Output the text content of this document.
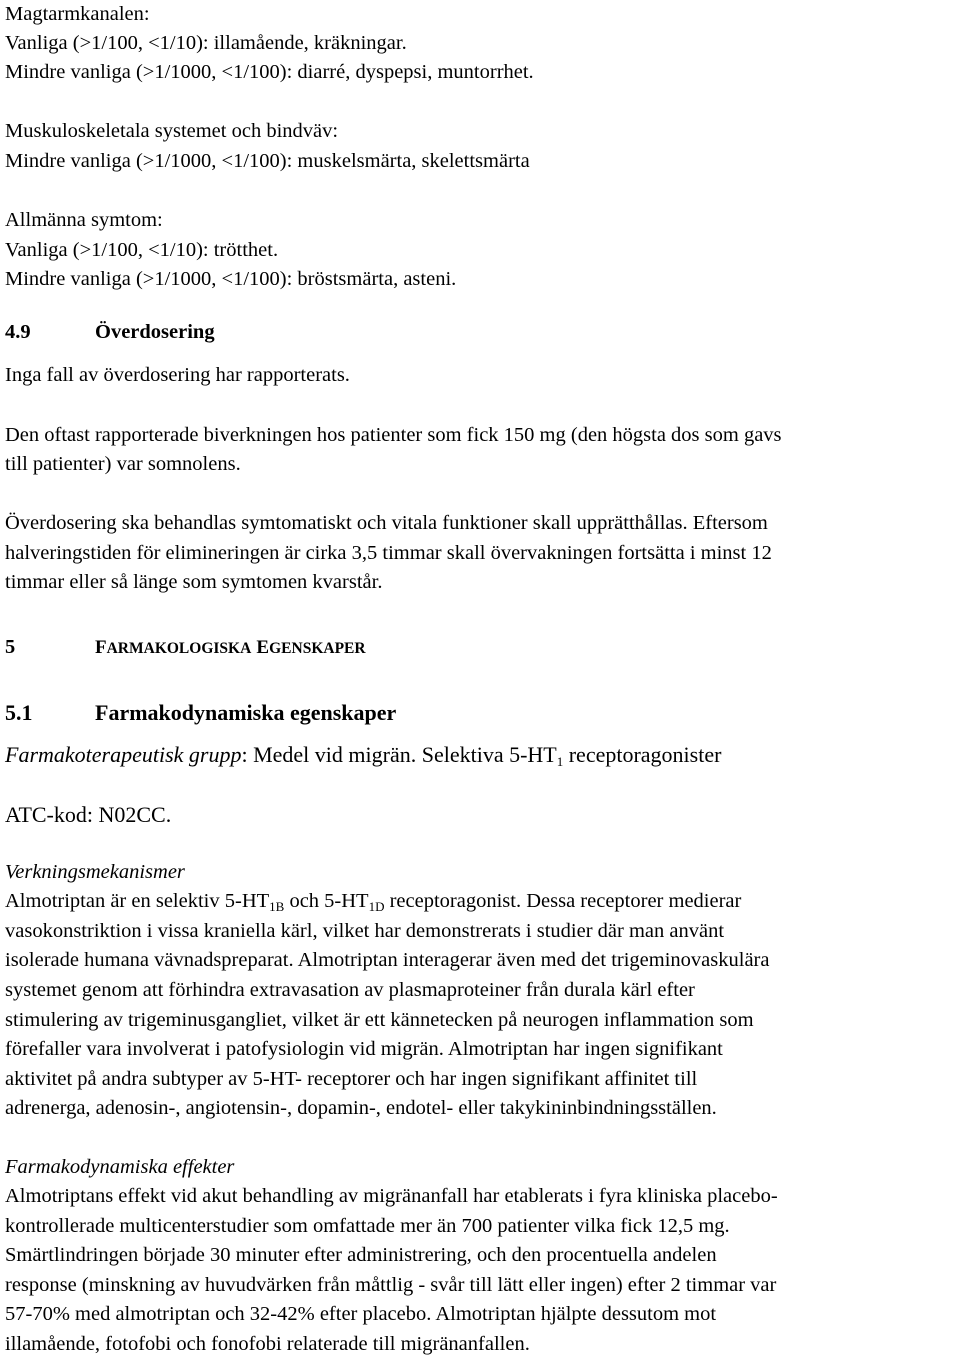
Magtarmkanalen:
Vanliga (>1/100, <1/10): illamående, kräkningar.
Mindre vanliga (>1/1000, <1/100): diarré, dyspepsi, muntorrhet.
Muskuloskeletala systemet och bindväv:
Mindre vanliga (>1/1000, <1/100): muskelsmärta, skelettsmärta
Allmänna symtom:
Vanliga (>1/100, <1/10): trötthet.
Mindre vanliga (>1/1000, <1/100): bröstsmärta, asteni.
4.9	Överdosering
Inga fall av överdosering har rapporterats.
Den oftast rapporterade biverkningen hos patienter som fick 150 mg (den högsta dos som gavs
till patienter) var somnolens.
Överdosering ska behandlas symtomatiskt och vitala funktioner skall upprätthållas. Eftersom
halveringstiden för elimineringen är cirka 3,5 timmar skall övervakningen fortsätta i minst 12
timmar eller så länge som symtomen kvarstår.
5	FARMAKOLOGISKA EGENSKAPER
5.1	Farmakodynamiska egenskaper
Farmakoterapeutisk grupp: Medel vid migrän. Selektiva $5-HT_1$ receptoragonister
ATC-kod: N02CC.
Verkningsmekanismer
Almotriptan är en selektiv $5-HT_{1B}$ och $5-HT_{1D}$ receptoragonist. Dessa receptorer medierar
vasokonstriktion i vissa kraniella kärl, vilket har demonstrerats i studier där man använt
isolerade humana vävnadspreparat. Almotriptan interagerar även med det trigeminovaskulära
systemet genom att förhindra extravasation av plasmaproteiner från durala kärl efter
stimulering av trigeminusgangliet, vilket är ett kännetecken på neurogen inflammation som
förefaller vara involverat i patofysiologin vid migrän. Almotriptan har ingen signifikant
aktivitet på andra subtyper av 5-HT- receptorer och har ingen signifikant affinitet till
adrenerga, adenosin-, angiotensin-, dopamin-, endotel- eller takykininbindningsställen.
Farmakodynamiska effekter
Almotriptans effekt vid akut behandling av migränanfall har etablerats i fyra kliniska placebo-
kontrollerade multicenterstudier som omfattade mer än 700 patienter vilka fick 12,5 mg.
Smärtlindringen började 30 minuter efter administrering, och den procentuella andelen
response (minskning av huvudvärken från måttlig - svår till lätt eller ingen) efter 2 timmar var
57-70% med almotriptan och 32-42% efter placebo. Almotriptan hjälpte dessutom mot
illamående, fotofobi och fonofobi relaterade till migränanfallen.
